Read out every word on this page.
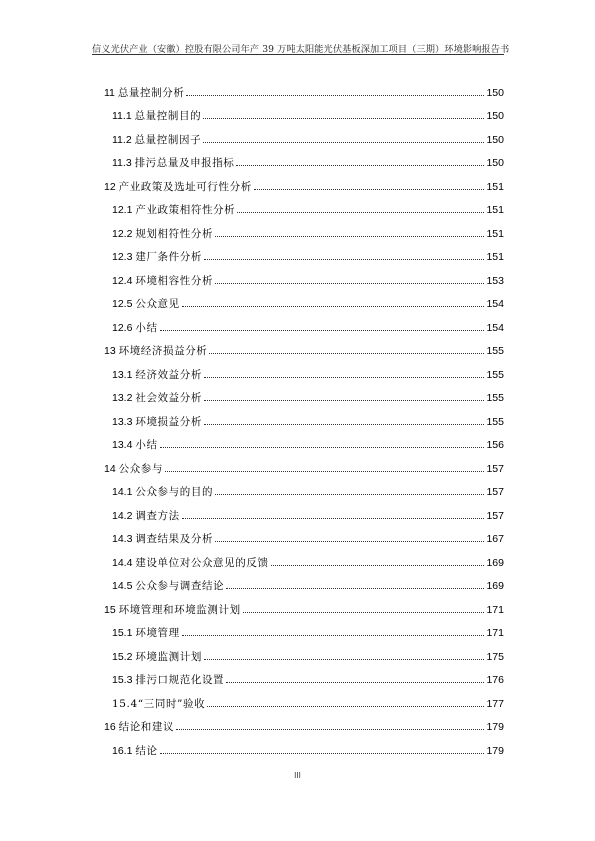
信义光伏产业（安徽）控股有限公司年产 39 万吨太阳能光伏基板深加工项目（三期）环境影响报告书
11 总量控制分析	150
11.1 总量控制目的	150
11.2 总量控制因子	150
11.3 排污总量及申报指标	150
12 产业政策及选址可行性分析	151
12.1 产业政策相符性分析	151
12.2 规划相符性分析	151
12.3 建厂条件分析	151
12.4 环境相容性分析	153
12.5 公众意见	154
12.6 小结	154
13 环境经济损益分析	155
13.1 经济效益分析	155
13.2 社会效益分析	155
13.3 环境损益分析	155
13.4 小结	156
14 公众参与	157
14.1 公众参与的目的	157
14.2 调查方法	157
14.3 调查结果及分析	167
14.4 建设单位对公众意见的反馈	169
14.5 公众参与调查结论	169
15 环境管理和环境监测计划	171
15.1 环境管理	171
15.2 环境监测计划	175
15.3 排污口规范化设置	176
15.4“三同时”验收	177
16 结论和建议	179
16.1 结论	179
III
